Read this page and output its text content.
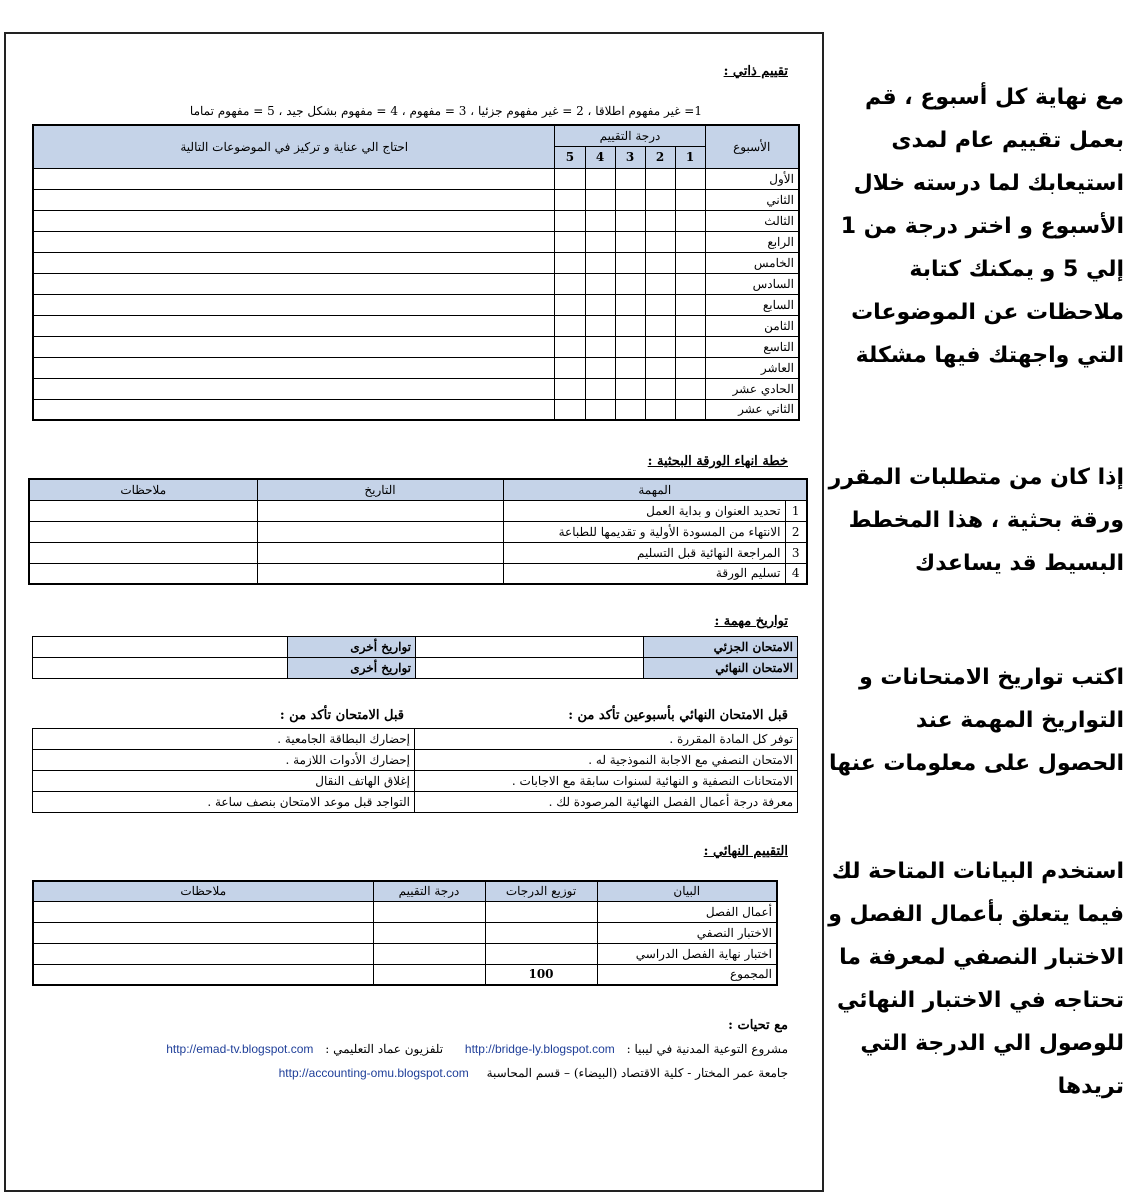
تقييم ذاتي :
1= غير مفهوم اطلاقا ، 2 = غير مفهوم جزئيا ، 3 = مفهوم ، 4 = مفهوم بشكل جيد ، 5 = مفهوم تماما
الأسبوع	درجة التقييم					احتاج الي عناية و تركيز في الموضوعات التالية
	1	2	3	4	5	
الأول						
الثاني						
الثالث						
الرابع						
الخامس						
السادس						
السابع						
الثامن						
التاسع						
العاشر						
الحادي عشر						
الثاني عشر						
خطة انهاء الورقة البحثية :
المهمة		التاريخ	ملاحظات
1	تحديد العنوان و بداية العمل		
2	الانتهاء من المسودة الأولية و تقديمها للطباعة		
3	المراجعة النهائية قبل التسليم		
4	تسليم الورقة		
تواريخ مهمة :
الامتحان الجزئي		تواريخ أخرى	
الامتحان النهائي		تواريخ أخرى	
قبل الامتحان النهائي بأسبوعين تأكد من :
قبل الامتحان تأكد من :
توفر كل المادة المقررة .	إحضارك البطاقة الجامعية .
الامتحان النصفي مع الاجابة النموذجية له .	إحضارك الأدوات اللازمة .
الامتحانات النصفية و النهائية لسنوات سابقة مع الاجابات .	إغلاق الهاتف النقال
معرفة درجة أعمال الفصل النهائية المرصودة لك .	التواجد قبل موعد الامتحان بنصف ساعة .
التقييم النهائي :
البيان	توزيع الدرجات	درجة التقييم	ملاحظات
أعمال الفصل			
الاختبار النصفي			
اختبار نهاية الفصل الدراسي			
المجموع	100		
مع تحيات :
مشروع التوعية المدنية في ليبيا : http://bridge-ly.blogspot.com تلفزيون عماد التعليمي : http://emad-tv.blogspot.com
جامعة عمر المختار - كلية الاقتصاد (البيضاء) – قسم المحاسبة http://accounting-omu.blogspot.com
مع نهاية كل أسبوع ، قم بعمل تقييم عام لمدى استيعابك لما درسته خلال الأسبوع و اختر درجة من 1 إلي 5 و يمكنك كتابة ملاحظات عن الموضوعات التي واجهتك فيها مشكلة
إذا كان من متطلبات المقرر ورقة بحثية ، هذا المخطط البسيط قد يساعدك
اكتب تواريخ الامتحانات و التواريخ المهمة عند الحصول على معلومات عنها
استخدم البيانات المتاحة لك فيما يتعلق بأعمال الفصل و الاختبار النصفي لمعرفة ما تحتاجه في الاختبار النهائي للوصول الي الدرجة التي تريدها
